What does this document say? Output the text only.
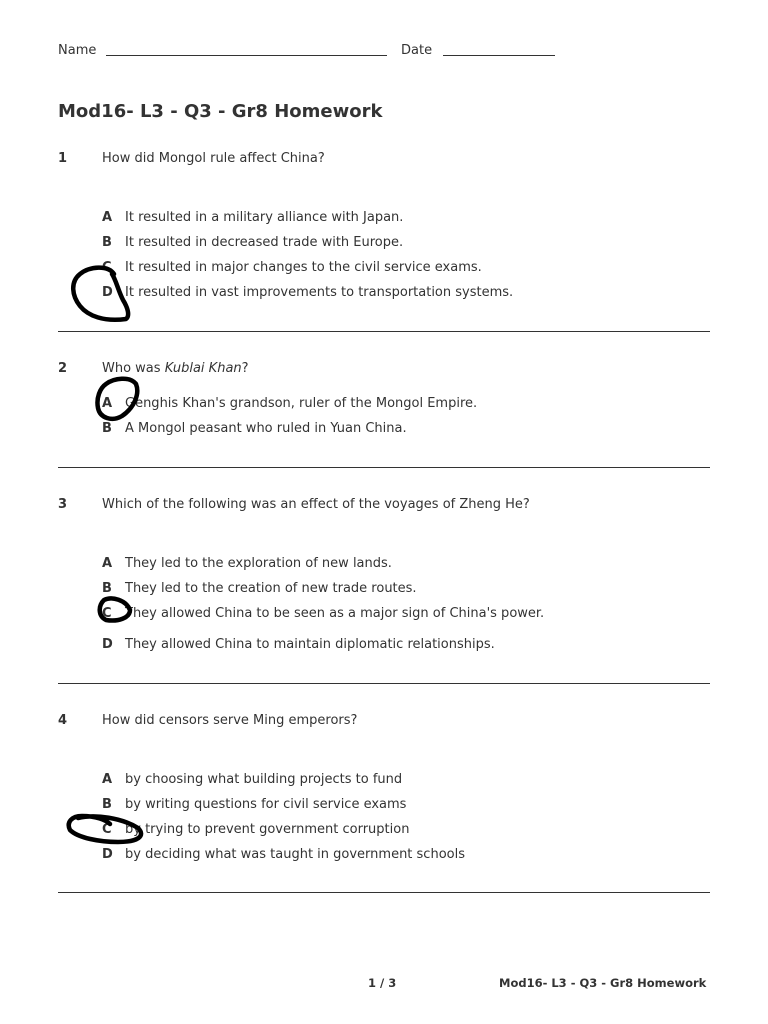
Name	Date
Mod16- L3 - Q3 - Gr8 Homework
1	How did Mongol rule affect China?
A It resulted in a military alliance with Japan.
B It resulted in decreased trade with Europe.
C It resulted in major changes to the civil service exams.
D It resulted in vast improvements to transportation systems.
2	Who was Kublai Khan?
A Genghis Khan's grandson, ruler of the Mongol Empire.
B A Mongol peasant who ruled in Yuan China.
3	Which of the following was an effect of the voyages of Zheng He?
A They led to the exploration of new lands.
B They led to the creation of new trade routes.
C They allowed China to be seen as a major sign of China's power.
D They allowed China to maintain diplomatic relationships.
4	How did censors serve Ming emperors?
A by choosing what building projects to fund
B by writing questions for civil service exams
C by trying to prevent government corruption
D by deciding what was taught in government schools
1 / 3	Mod16- L3 - Q3 - Gr8 Homework
